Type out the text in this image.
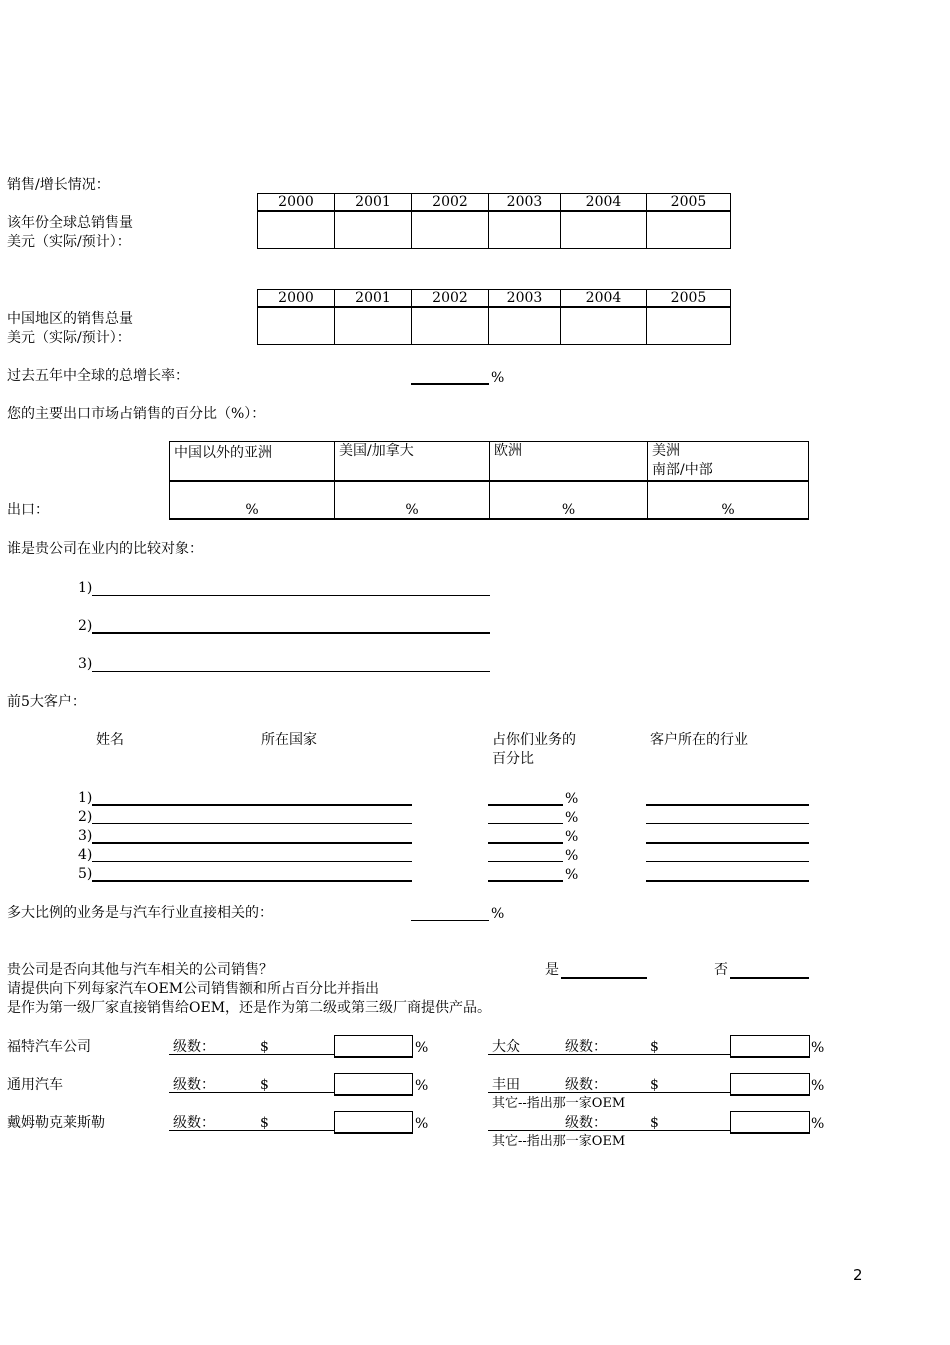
销售/增长情况：
2000	2001	2002	2003	2004	2005

该年份全球总销售量
美元（实际/预计）：
2000	2001	2002	2003	2004	2005

中国地区的销售总量
美元（实际/预计）：
过去五年中全球的总增长率：	%
您的主要出口市场占销售的百分比（%）：
中国以外的亚洲	美国/加拿大	欧洲	美洲
南部/中部

%	%	%	%
出口：
谁是贵公司在业内的比较对象：
1)
2)
3)
前5大客户：
姓名	所在国家	占你们业务的
百分比
客户所在的行业
1)	%
2)	%
3)	%
4)	%
5)	%
多大比例的业务是与汽车行业直接相关的：	%
贵公司是否向其他与汽车相关的公司销售？	是	否
请提供向下列每家汽车OEM公司销售额和所占百分比并指出
是作为第一级厂家直接销售给OEM，还是作为第二级或第三级厂商提供产品。
福特汽车公司	级数：	$	%	大众	级数：	$	%
通用汽车	级数：	$	%	丰田	级数：	$	%
其它--指出那一家OEM
戴姆勒克莱斯勒	级数：	$	%	级数：	$	%
其它--指出那一家OEM
2
